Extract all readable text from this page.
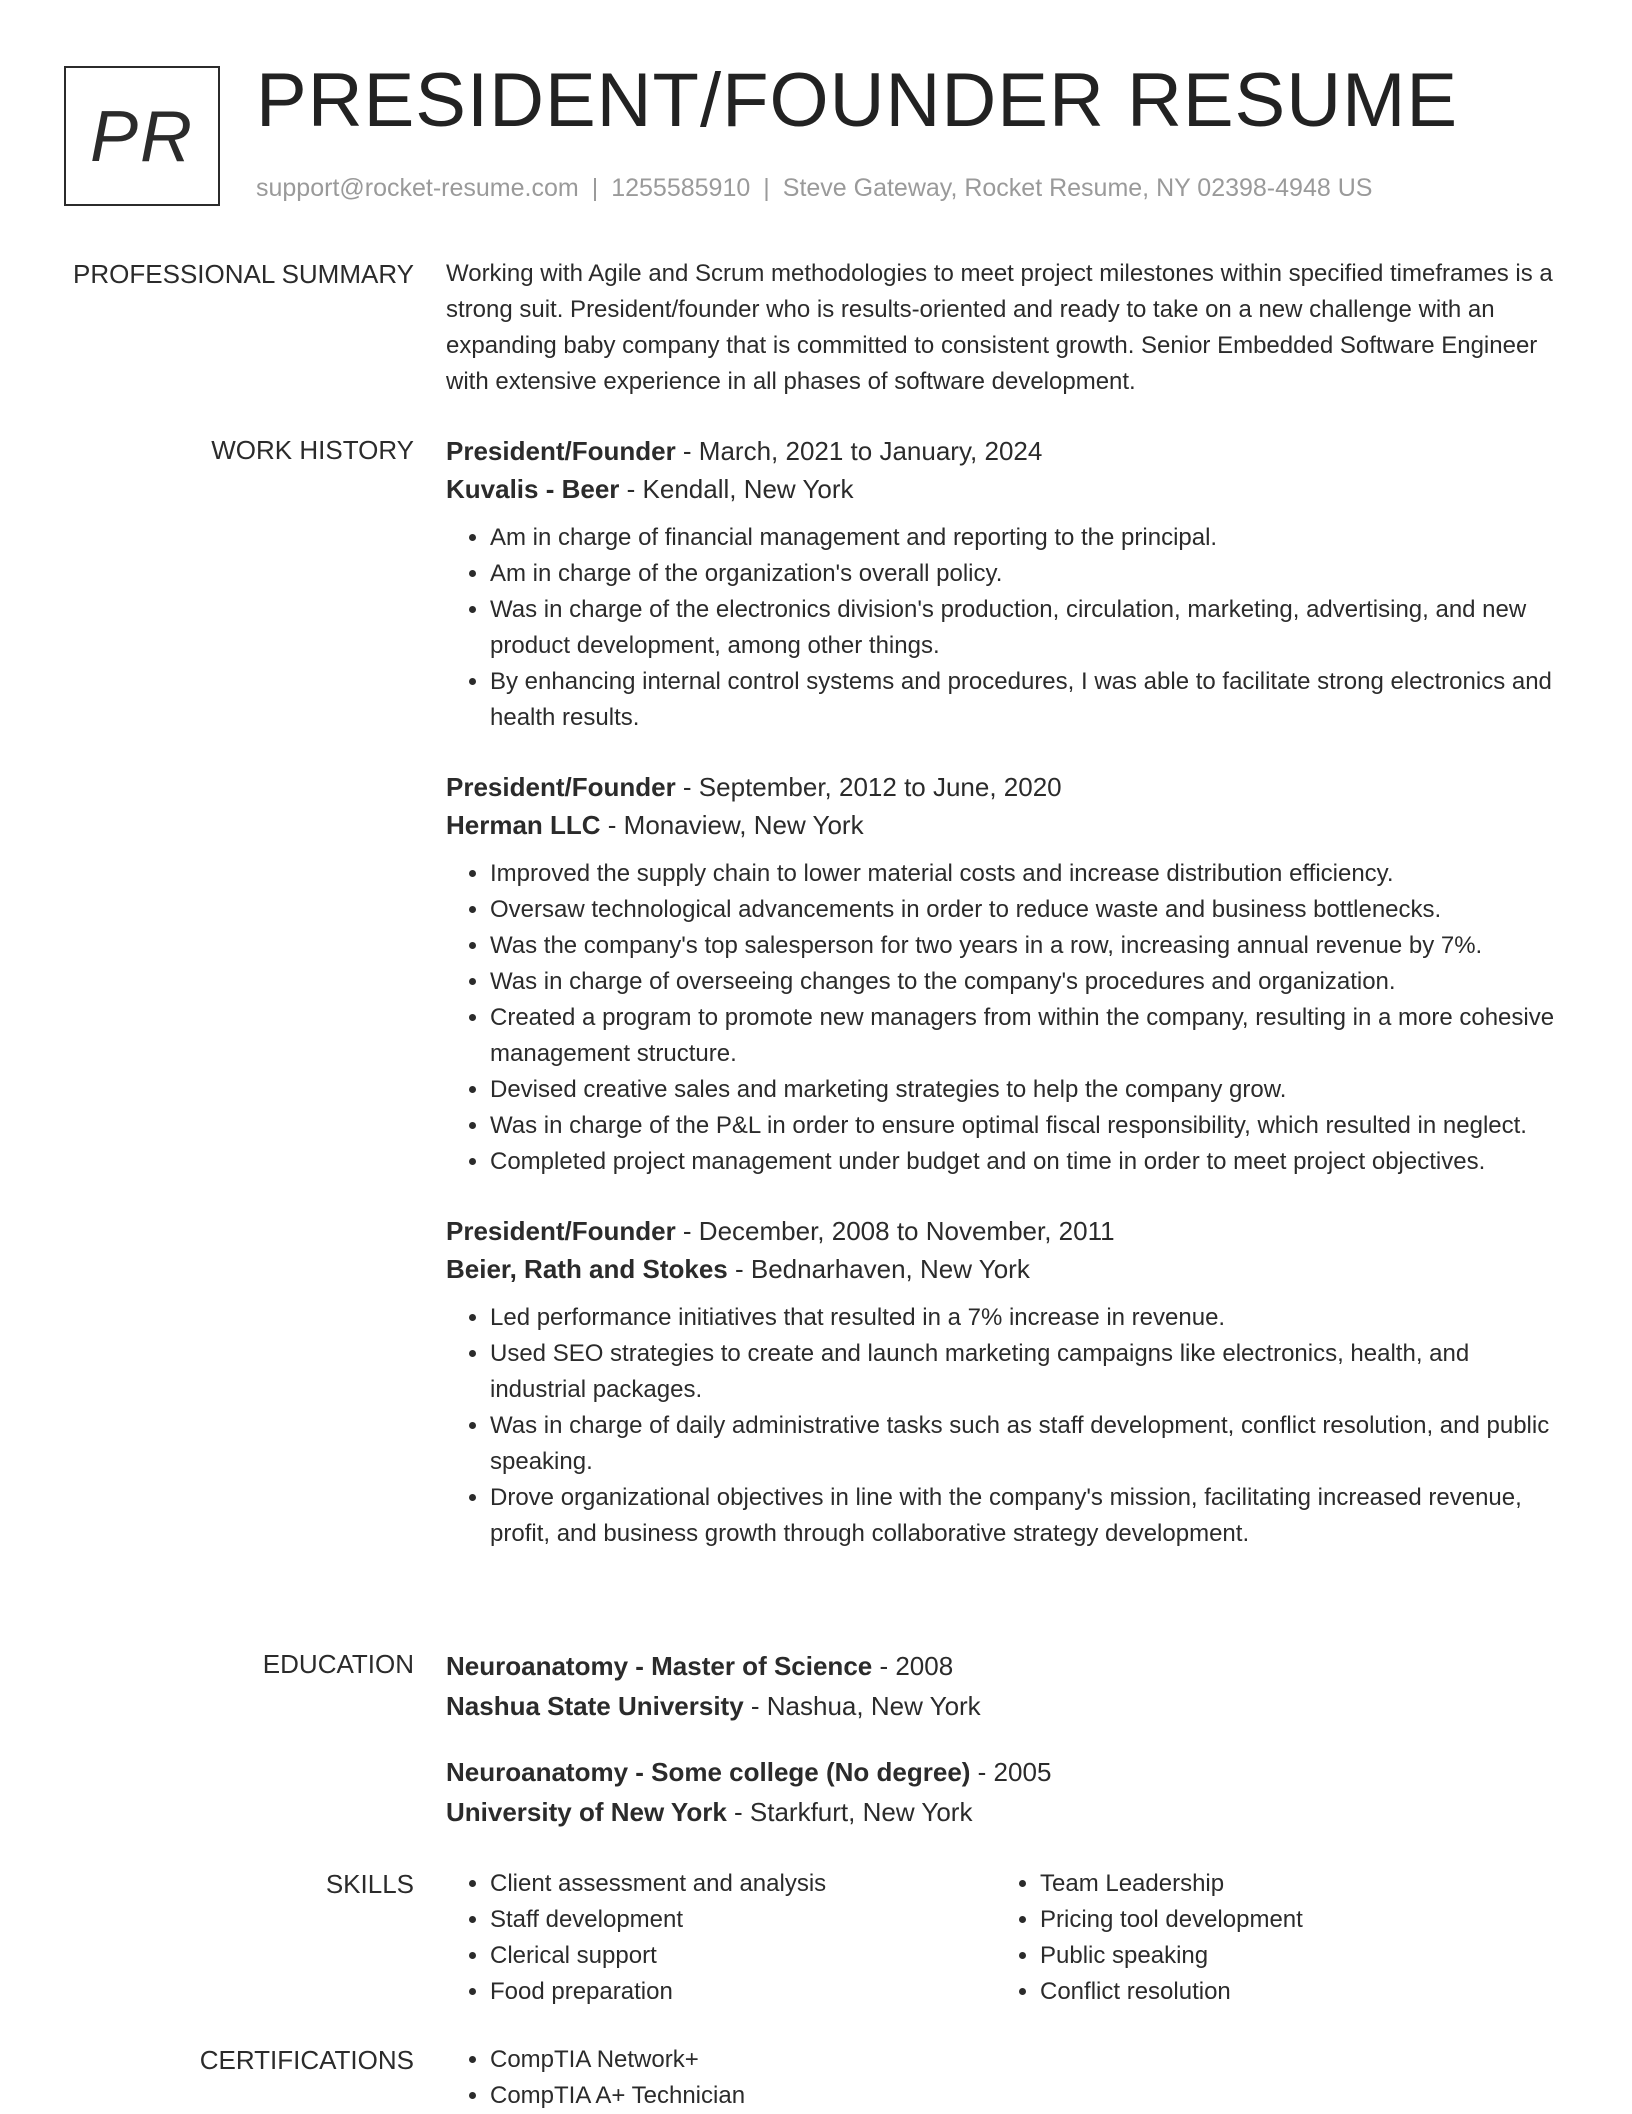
PR PRESIDENT/FOUNDER RESUME
support@rocket-resume.com | 1255585910 | Steve Gateway, Rocket Resume, NY 02398-4948 US
PROFESSIONAL SUMMARY Working with Agile and Scrum methodologies to meet project milestones within specified timeframes is a strong suit. President/founder who is results-oriented and ready to take on a new challenge with an expanding baby company that is committed to consistent growth. Senior Embedded Software Engineer with extensive experience in all phases of software development.

WORK HISTORY President/Founder - March, 2021 to January, 2024
Kuvalis - Beer - Kendall, New York
• Am in charge of financial management and reporting to the principal.
• Am in charge of the organization's overall policy.
• Was in charge of the electronics division's production, circulation, marketing, advertising, and new product development, among other things.
• By enhancing internal control systems and procedures, I was able to facilitate strong electronics and health results.
President/Founder - September, 2012 to June, 2020
Herman LLC - Monaview, New York
• Improved the supply chain to lower material costs and increase distribution efficiency.
• Oversaw technological advancements in order to reduce waste and business bottlenecks.
• Was the company's top salesperson for two years in a row, increasing annual revenue by 7%.
• Was in charge of overseeing changes to the company's procedures and organization.
• Created a program to promote new managers from within the company, resulting in a more cohesive management structure.
• Devised creative sales and marketing strategies to help the company grow.
• Was in charge of the P&L in order to ensure optimal fiscal responsibility, which resulted in neglect.
• Completed project management under budget and on time in order to meet project objectives.
President/Founder - December, 2008 to November, 2011
Beier, Rath and Stokes - Bednarhaven, New York
• Led performance initiatives that resulted in a 7% increase in revenue.
• Used SEO strategies to create and launch marketing campaigns like electronics, health, and industrial packages.
• Was in charge of daily administrative tasks such as staff development, conflict resolution, and public speaking.
• Drove organizational objectives in line with the company's mission, facilitating increased revenue, profit, and business growth through collaborative strategy development.
EDUCATION Neuroanatomy - Master of Science - 2008
Nashua State University - Nashua, New York
Neuroanatomy - Some college (No degree) - 2005
University of New York - Starkfurt, New York
SKILLS	• Client assessment and analysis
• Staff development
• Clerical support
• Food preparation
• Team Leadership
• Pricing tool development
• Public speaking
• Conflict resolution
CERTIFICATIONS	• CompTIA Network+
• CompTIA A+ Technician
